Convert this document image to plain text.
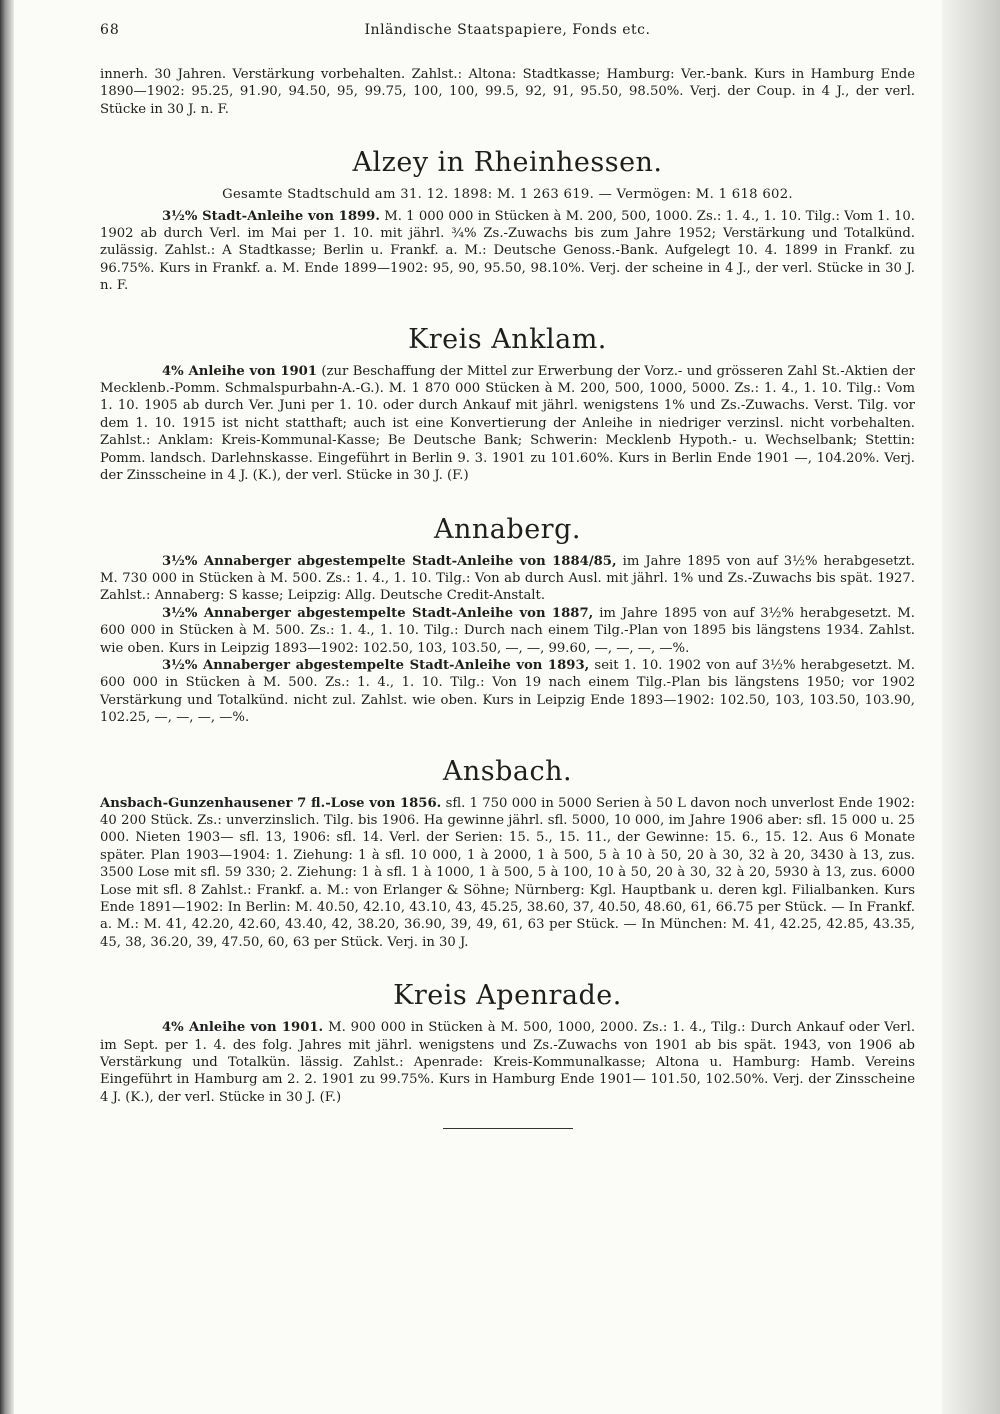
68	Inländische Staatspapiere, Fonds etc.

innerh. 30 Jahren. Verstärkung vorbehalten. Zahlst.: Altona: Stadtkasse; Hamburg: Ver.-bank. Kurs in Hamburg Ende 1890—1902: 95.25, 91.90, 94.50, 95, 99.75, 100, 100, 99.5, 92, 91, 95.50, 98.50%. Verj. der Coup. in 4 J., der verl. Stücke in 30 J. n. F.

Alzey in Rheinhessen.

Gesamte Stadtschuld am 31. 12. 1898: M. 1 263 619. — Vermögen: M. 1 618 602.

3½% Stadt-Anleihe von 1899. M. 1 000 000 in Stücken à M. 200, 500, 1000. Zs.: 1. 4., 1. 10. Tilg.: Vom 1. 10. 1902 ab durch Verl. im Mai per 1. 10. mit jährl. ¾% Zs.-Zuwachs bis zum Jahre 1952; Verstärkung und Totalkünd. zulässig. Zahlst.: A Stadtkasse; Berlin u. Frankf. a. M.: Deutsche Genoss.-Bank. Aufgelegt 10. 4. 1899 in Frankf. zu 96.75%. Kurs in Frankf. a. M. Ende 1899—1902: 95, 90, 95.50, 98.10%. Verj. der scheine in 4 J., der verl. Stücke in 30 J. n. F.

Kreis Anklam.

4% Anleihe von 1901 (zur Beschaffung der Mittel zur Erwerbung der Vorz.- und grösseren Zahl St.-Aktien der Mecklenb.-Pomm. Schmalspurbahn-A.-G.). M. 1 870 000 Stücken à M. 200, 500, 1000, 5000. Zs.: 1. 4., 1. 10. Tilg.: Vom 1. 10. 1905 ab durch Ver. Juni per 1. 10. oder durch Ankauf mit jährl. wenigstens 1% und Zs.-Zuwachs. Verst. Tilg. vor dem 1. 10. 1915 ist nicht statthaft; auch ist eine Konvertierung der Anleihe in niedriger verzinsl. nicht vorbehalten. Zahlst.: Anklam: Kreis-Kommunal-Kasse; Be Deutsche Bank; Schwerin: Mecklenb Hypoth.- u. Wechselbank; Stettin: Pomm. landsch. Darlehnskasse. Eingeführt in Berlin 9. 3. 1901 zu 101.60%. Kurs in Berlin Ende 1901 —, 104.20%. Verj. der Zinsscheine in 4 J. (K.), der verl. Stücke in 30 J. (F.)

Annaberg.

3½% Annaberger abgestempelte Stadt-Anleihe von 1884/85, im Jahre 1895 von auf 3½% herabgesetzt. M. 730 000 in Stücken à M. 500. Zs.: 1. 4., 1. 10. Tilg.: Von ab durch Ausl. mit jährl. 1% und Zs.-Zuwachs bis spät. 1927. Zahlst.: Annaberg: S kasse; Leipzig: Allg. Deutsche Credit-Anstalt.

3½% Annaberger abgestempelte Stadt-Anleihe von 1887, im Jahre 1895 von auf 3½% herabgesetzt. M. 600 000 in Stücken à M. 500. Zs.: 1. 4., 1. 10. Tilg.: Durch nach einem Tilg.-Plan von 1895 bis längstens 1934. Zahlst. wie oben. Kurs in Leipzig 1893—1902: 102.50, 103, 103.50, —, —, 99.60, —, —, —, —%.

3½% Annaberger abgestempelte Stadt-Anleihe von 1893, seit 1. 10. 1902 von auf 3½% herabgesetzt. M. 600 000 in Stücken à M. 500. Zs.: 1. 4., 1. 10. Tilg.: Von 19 nach einem Tilg.-Plan bis längstens 1950; vor 1902 Verstärkung und Totalkünd. nicht zul. Zahlst. wie oben. Kurs in Leipzig Ende 1893—1902: 102.50, 103, 103.50, 103.90, 102.25, —, —, —, —%.

Ansbach.

Ansbach-Gunzenhausener 7 fl.-Lose von 1856. sfl. 1 750 000 in 5000 Serien à 50 L davon noch unverlost Ende 1902: 40 200 Stück. Zs.: unverzinslich. Tilg. bis 1906. Ha gewinne jährl. sfl. 5000, 10 000, im Jahre 1906 aber: sfl. 15 000 u. 25 000. Nieten 1903— sfl. 13, 1906: sfl. 14. Verl. der Serien: 15. 5., 15. 11., der Gewinne: 15. 6., 15. 12. Aus 6 Monate später. Plan 1903—1904: 1. Ziehung: 1 à sfl. 10 000, 1 à 2000, 1 à 500, 5 à 10 à 50, 20 à 30, 32 à 20, 3430 à 13, zus. 3500 Lose mit sfl. 59 330; 2. Ziehung: 1 à sfl. 1 à 1000, 1 à 500, 5 à 100, 10 à 50, 20 à 30, 32 à 20, 5930 à 13, zus. 6000 Lose mit sfl. 8 Zahlst.: Frankf. a. M.: von Erlanger & Söhne; Nürnberg: Kgl. Hauptbank u. deren kgl. Filialbanken. Kurs Ende 1891—1902: In Berlin: M. 40.50, 42.10, 43.10, 43, 45.25, 38.60, 37, 40.50, 48.60, 61, 66.75 per Stück. — In Frankf. a. M.: M. 41, 42.20, 42.60, 43.40, 42, 38.20, 36.90, 39, 49, 61, 63 per Stück. — In München: M. 41, 42.25, 42.85, 43.35, 45, 38, 36.20, 39, 47.50, 60, 63 per Stück. Verj. in 30 J.

Kreis Apenrade.

4% Anleihe von 1901. M. 900 000 in Stücken à M. 500, 1000, 2000. Zs.: 1. 4., Tilg.: Durch Ankauf oder Verl. im Sept. per 1. 4. des folg. Jahres mit jährl. wenigstens und Zs.-Zuwachs von 1901 ab bis spät. 1943, von 1906 ab Verstärkung und Totalkün. lässig. Zahlst.: Apenrade: Kreis-Kommunalkasse; Altona u. Hamburg: Hamb. Vereins Eingeführt in Hamburg am 2. 2. 1901 zu 99.75%. Kurs in Hamburg Ende 1901— 101.50, 102.50%. Verj. der Zinsscheine 4 J. (K.), der verl. Stücke in 30 J. (F.)
